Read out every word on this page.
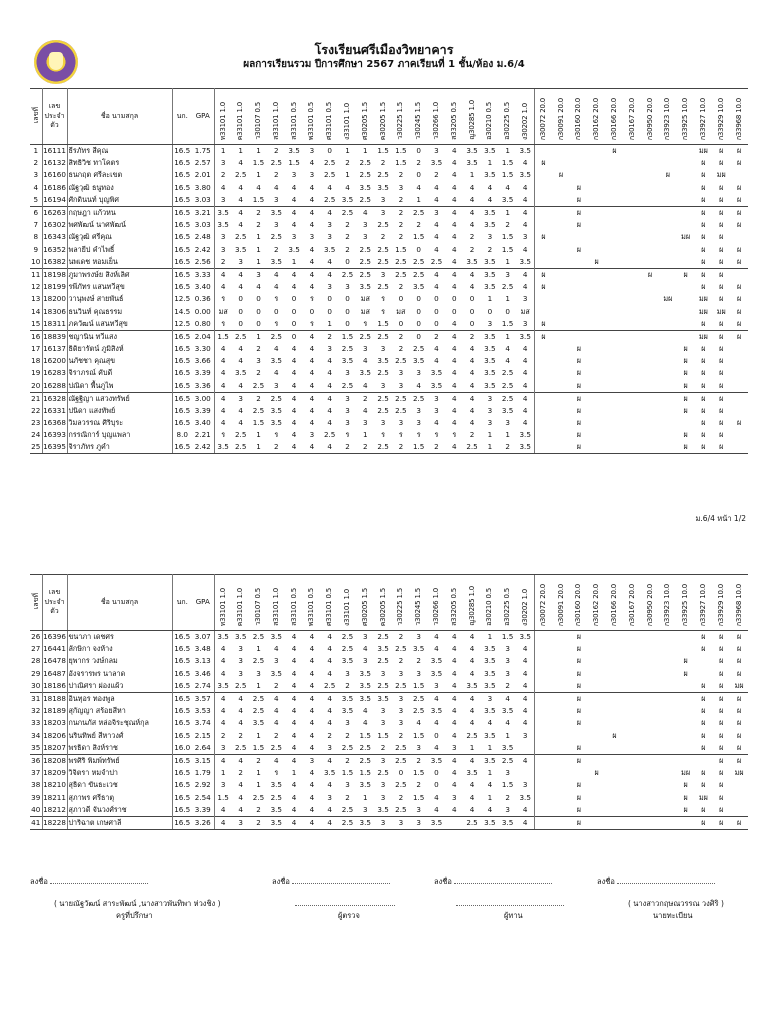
โรงเรียนศรีเมืองวิทยาคาร
ผลการเรียนรวม ปีการศึกษา 2567 ภาคเรียนที่ 1 ชั้น/ห้อง ม.6/4
เลขที่	เลขประจำตัว	ชื่อ นามสกุล	นก.	GPA	ท33101 1.0	ค33101 1.0	ว30107 0.5	ส33101 1.0	ส33101 0.5	พ33101 0.5	ศ33101 0.5	ง33101 1.0	ศ30205 1.5	ค30205 1.5	ว30225 1.5	ว30245 1.5	ว30266 1.0	ส33205 0.5	ญ30285 1.0	อ30210 0.5	อ30225 0.5	ง30202 1.0	ก30072 20.0	ก30091 20.0	ก30160 20.0	ก30162 20.0	ก30166 20.0	ก30167 20.0	ก30950 20.0	ก33923 10.0	ก33925 10.0	ก33927 10.0	ก33929 10.0	ก33968 10.0
1	16111	ธีรภัทร สีคุณ	16.5	1.75	1	1	1	2	3.5	3	0	1	1	1.5	1.5	0	3	4	3.5	3.5	1	3.5					ผ					มผ	ผ	ผ
2	16132	สิทธิวิช ทาโคตร	16.5	2.57	3	4	1.5	2.5	1.5	4	2.5	2	2.5	2	1.5	2	3.5	4	3.5	1	1.5	4	ผ									ผ	ผ	ผ
3	16160	ธนกฤต ศรีละเขต	16.5	2.01	2	2.5	1	2	3	3	2.5	1	2.5	2.5	2	0	2	4	1	3.5	1.5	3.5		ผ						ผ		ผ	มผ	
4	16186	ณัฐวุฒิ ธนูทอง	16.5	3.80	4	4	4	4	4	4	4	4	3.5	3.5	3	4	4	4	4	4	4	4			ผ							ผ	ผ	ผ
5	16194	ศักดินนท์ บุญพิศ	16.5	3.03	3	4	1.5	3	4	4	2.5	3.5	2.5	3	2	1	4	4	4	4	3.5	4			ผ							ผ	ผ	ผ
6	16263	กฤษฎา แก้วหน	16.5	3.21	3.5	4	2	3.5	4	4	4	2.5	4	3	2	2.5	3	4	4	3.5	1	4			ผ							ผ	ผ	ผ
7	16302	พศพัฒน์ นาศพัฒน์	16.5	3.03	3.5	4	2	3	4	4	3	2	3	2.5	2	2	4	4	4	3.5	2	4			ผ							ผ	ผ	ผ
8	16343	ณัฐวุฒิ ศรีคุณ	16.5	2.48	3	2.5	1	2.5	3	3	3	2	3	2	2	1.5	4	4	2	3	1.5	3	ผ								มผ	ผ	ผ	
9	16352	พลายีป คำไพธิ์	16.5	2.42	3	3.5	1	2	3.5	4	3.5	2	2.5	2.5	1.5	0	4	4	2	2	1.5	4			ผ							ผ	ผ	ผ
10	16382	นพเดช หอมเย็น	16.5	2.56	2	3	1	3.5	1	4	4	0	2.5	2.5	2.5	2.5	2.5	4	3.5	3.5	1	3.5				ผ						ผ	ผ	ผ
11	18198	ภูมาพรงษ์ย สิงห์เลิศ	16.5	3.33	4	4	3	4	4	4	4	2.5	2.5	3	2.5	2.5	4	4	4	3.5	3	4	ผ						ผ		ผ	ผ	ผ	
12	18199	รพีภัทร แสนทวีสุข	16.5	3.40	4	4	4	4	4	4	3	3	3.5	2.5	2	3.5	4	4	4	3.5	2.5	4	ผ									ผ	ผ	ผ
13	18200	วานุพงษ์ สายพันธ์	12.5	0.36	ร	0	0	ร	0	ร	0	0	มส	ร	0	0	0	0	0	1	1	3								มผ		มผ	ผ	ผ
14	18306	ธนวินท์ คุณธรรม	14.5	0.00	มส	0	0	0	0	0	0	0	มส	ร	มส	0	0	0	0	0	0	มส										มผ	มผ	ผ
15	18311	ภควัฒน์ แสนทวีสุข	12.5	0.80	ร	0	0	ร	0	ร	1	0	ร	1.5	0	0	0	4	0	3	1.5	3	ผ									ผ	ผ	ผ
16	18839	ชญานิน ทวีแสง	16.5	2.04	1.5	2.5	1	2.5	0	4	2	1.5	2.5	2.5	2	0	2	4	2	3.5	1	3.5	ผ									มผ	ผ	ผ
17	16137	ธิดิยารัตน์ ภูมิสิงห์	16.5	3.30	4	4	2	4	4	4	3	2.5	3	3	2	2.5	4	4	4	3.5	4	4			ผ						ผ	ผ	ผ	
18	16200	นภัชชา คุณสุข	16.5	3.66	4	4	3	3.5	4	4	4	3.5	4	3.5	2.5	3.5	4	4	4	3.5	4	4			ผ						ผ	ผ	ผ	
19	16283	จิราภรณ์ คับดี	16.5	3.39	4	3.5	2	4	4	4	4	3	3.5	2.5	3	3	3.5	4	4	3.5	2.5	4			ผ						ผ	ผ	ผ	
20	16288	ปณิดา พื้นภูไพ	16.5	3.36	4	4	2.5	3	4	4	4	2.5	4	3	3	4	3.5	4	4	3.5	2.5	4			ผ						ผ	ผ	ผ	
21	16328	ณัฐฐิญา แสวงทรัพย์	16.5	3.00	4	3	2	2.5	4	4	4	3	2	2.5	2.5	2.5	3	4	4	3	2.5	4			ผ						ผ	ผ	ผ	
22	16331	ปนิดา แสงทัพย์	16.5	3.39	4	4	2.5	3.5	4	4	4	3	4	2.5	2.5	3	3	4	4	3	3.5	4			ผ						ผ	ผ	ผ	
23	16368	วิมลวรรณ ศิริบุระ	16.5	3.40	4	4	1.5	3.5	4	4	4	3	3	3	3	3	4	4	4	3	3	4			ผ							ผ	ผ	ผ
24	16393	กรรณิการ์ บุญแพลา	8.0	2.21	ร	2.5	1	ร	4	3	2.5	ร	1	ร	ร	ร	ร	ร	2	1	1	3.5			ผ						ผ	ผ	ผ	
25	16395	จิราภัทร ภูคำ	16.5	2.42	3.5	2.5	1	2	4	4	4	2	2	2.5	2	1.5	2	4	2.5	1	2	3.5			ผ						ผ	ผ	ผ	
ม.6/4 หน้า 1/2
เลขที่	เลขประจำตัว	ชื่อ นามสกุล	นก.	GPA	ท33101 1.0	ค33101 1.0	ว30107 0.5	ส33101 1.0	ส33101 0.5	พ33101 0.5	ศ33101 0.5	ง33101 1.0	ศ30205 1.5	ค30205 1.5	ว30225 1.5	ว30245 1.5	ว30266 1.0	ส33205 0.5	ญ30285 1.0	อ30210 0.5	อ30225 0.5	ง30202 1.0	ก30072 20.0	ก30091 20.0	ก30160 20.0	ก30162 20.0	ก30166 20.0	ก30167 20.0	ก30950 20.0	ก33923 10.0	ก33925 10.0	ก33927 10.0	ก33929 10.0	ก33968 10.0
26	16396	ขนาภา เดชศร	16.5	3.07	3.5	3.5	2.5	3.5	4	4	4	2.5	3	2.5	2	3	4	4	4	1	1.5	3.5			ผ							ผ	ผ	ผ
27	16441	ลักษิกา จงห้าง	16.5	3.48	4	3	1	4	4	4	4	2.5	4	3.5	2.5	3.5	4	4	4	3.5	3	4			ผ							ผ	ผ	ผ
28	16478	ยุพากร วงษ์กลม	16.5	3.13	4	3	2.5	3	4	4	4	3.5	3	2.5	2	2	3.5	4	4	3.5	3	4			ผ						ผ		ผ	ผ
29	16487	อังจรารพร นาลาด	16.5	3.46	4	3	3	3.5	4	4	4	3	3.5	3	3	3	3.5	4	4	3.5	3	4			ผ						ผ		ผ	ผ
30	18186	ปาณิศรา ผ่องแผ้ว	16.5	2.74	3.5	2.5	1	2	4	4	2.5	2	3.5	2.5	2.5	1.5	3	4	3.5	3.5	2	4			ผ							ผ	ผ	มผ
31	18188	อินทุอร ทองพูล	16.5	3.57	4	4	2.5	4	4	4	4	3.5	3.5	3.5	3	2.5	4	4	4	3	4	4			ผ							ผ	ผ	ผ
32	18189	สุกัญญา สร้อยสีหา	16.5	3.53	4	4	2.5	4	4	4	4	3.5	4	3	3	2.5	3.5	4	4	3.5	3.5	4			ผ							ผ	ผ	ผ
33	18203	กนกนภัส หล่อจิระชุณห์กุล	16.5	3.74	4	4	3.5	4	4	4	4	3	4	3	3	4	4	4	4	4	4	4			ผ							ผ	ผ	ผ
34	18206	นรินทิพย์ สีหาวงศ์	16.5	2.15	2	2	1	2	4	4	2	2	1.5	1.5	2	1.5	0	4	2.5	3.5	1	3					ผ					ผ	ผ	ผ
35	18207	พรธิดา สิงห์ราช	16.0	2.64	3	2.5	1.5	2.5	4	4	3	2.5	2.5	2	2.5	3	4	3	1	1	3.5				ผ							ผ	ผ	ผ
36	18208	พรศิริ พิมพ์ทรัพย์	16.5	3.15	4	4	2	4	4	3	4	2	2.5	3	2.5	2	3.5	4	4	3.5	2.5	4			ผ								ผ	ผ
37	18209	วิจิตรา หมจำปา	16.5	1.79	1	2	1	ร	1	4	3.5	1.5	1.5	2.5	0	1.5	0	4	3.5	1	3					ผ					มผ	ผ	ผ	มผ
38	18210	สุธิดา ขันธะเวช	16.5	2.92	3	4	1	3.5	4	4	4	3	3.5	3	2.5	2	0	4	4	4	1.5	3			ผ						ผ	ผ	ผ	
39	18211	สุภาพร ศรีธาตุ	16.5	2.54	1.5	4	2.5	2.5	4	4	3	2	1	3	2	1.5	4	3	4	1	2	3.5			ผ						ผ	มผ	ผ	
40	18212	สุภาวดี จันวงศ์ราช	16.5	3.39	4	4	2	3.5	4	4	4	2.5	3	3.5	2.5	3	4	4	4	4	3	4			ผ						ผ	ผ	ผ	
41	18228	ปาริฉาต เกษศาลี	16.5	3.26	4	3	2	3.5	4	4	4	2.5	3.5	3	3	3	3.5		2.5	3.5	3.5	4			ผ							ผ	ผ	ผ
ลงชื่อ	ลงชื่อ	ลงชื่อ	ลงชื่อ
( นายณัฐวัฒน์ สาระพัฒน์ ,นางสาวพันทิพา ห่วงชิง )
ครูที่ปรึกษา	ผู้ตรวจ	ผู้ทาน
( นางสาวกฤษณวรรณ วงศิริ )
นายทะเบียน
